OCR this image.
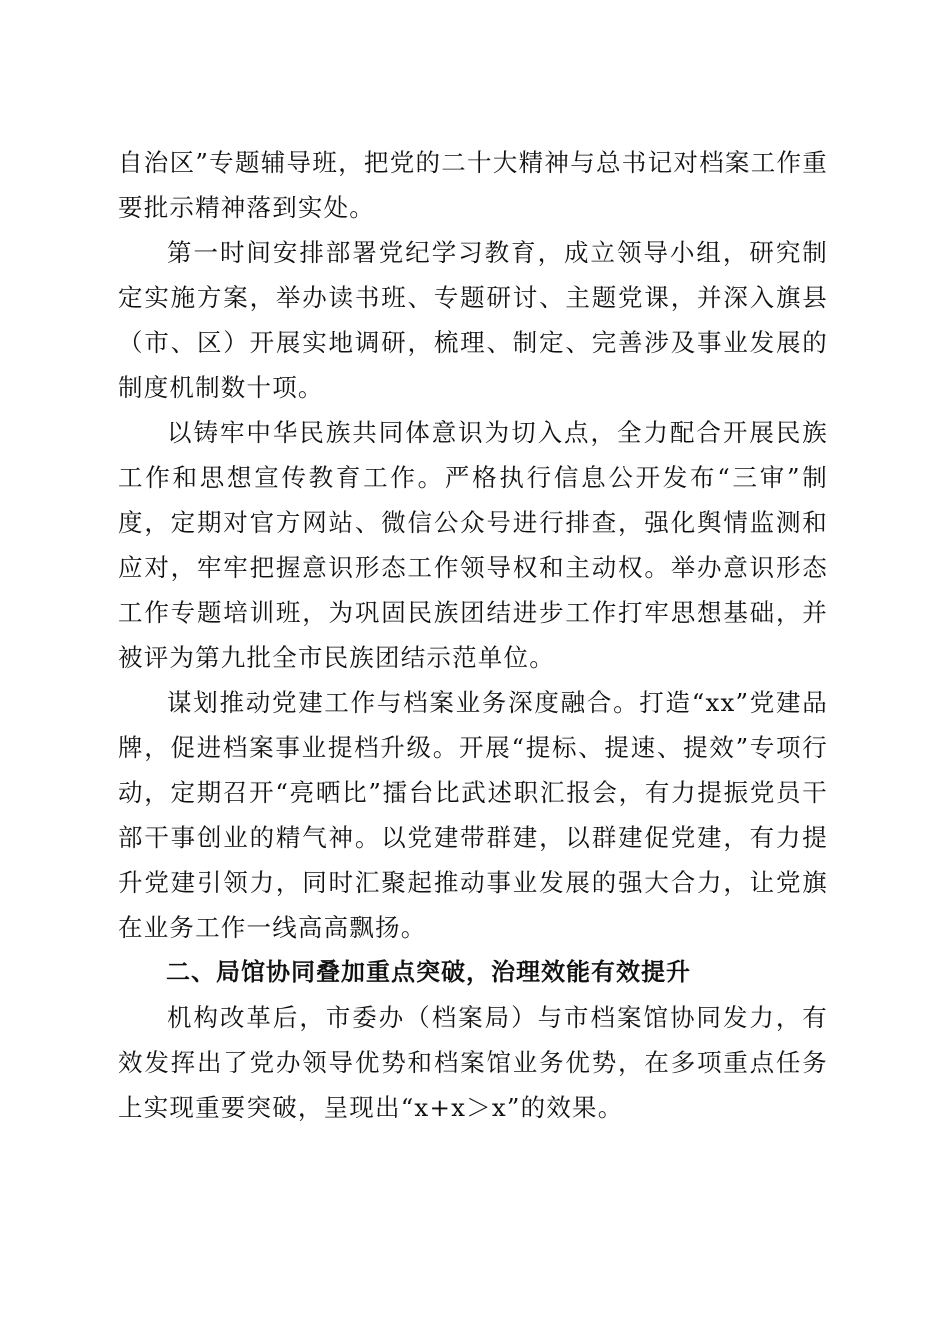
自治区”专题辅导班，把党的二十大精神与总书记对档案工作重要批示精神落到实处。

第一时间安排部署党纪学习教育，成立领导小组，研究制定实施方案，举办读书班、专题研讨、主题党课，并深入旗县（市、区）开展实地调研，梳理、制定、完善涉及事业发展的制度机制数十项。

以铸牢中华民族共同体意识为切入点，全力配合开展民族工作和思想宣传教育工作。严格执行信息公开发布“三审”制度，定期对官方网站、微信公众号进行排查，强化舆情监测和应对，牢牢把握意识形态工作领导权和主动权。举办意识形态工作专题培训班，为巩固民族团结进步工作打牢思想基础，并被评为第九批全市民族团结示范单位。

谋划推动党建工作与档案业务深度融合。打造“xx”党建品牌，促进档案事业提档升级。开展“提标、提速、提效”专项行动，定期召开“亮晒比”擂台比武述职汇报会，有力提振党员干部干事创业的精气神。以党建带群建，以群建促党建，有力提升党建引领力，同时汇聚起推动事业发展的强大合力，让党旗在业务工作一线高高飘扬。

二、局馆协同叠加重点突破，治理效能有效提升

机构改革后，市委办（档案局）与市档案馆协同发力，有效发挥出了党办领导优势和档案馆业务优势，在多项重点任务上实现重要突破，呈现出“x+x＞x”的效果。
